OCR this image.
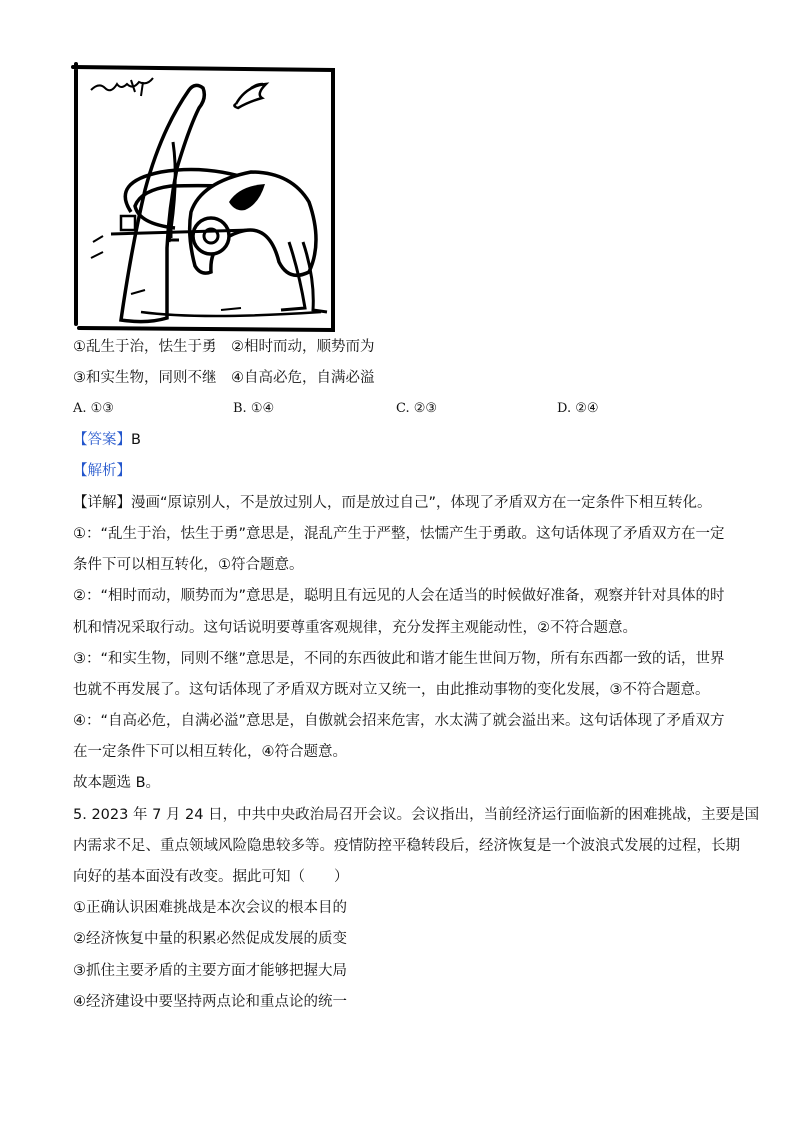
①乱生于治，怯生于勇　②相时而动，顺势而为
③和实生物，同则不继　④自高必危，自满必溢
A. ①③	B. ①④	C. ②③	D. ②④
【答案】B
【解析】
【详解】漫画“原谅别人，不是放过别人，而是放过自己”，体现了矛盾双方在一定条件下相互转化。
①：“乱生于治，怯生于勇”意思是，混乱产生于严整，怯懦产生于勇敢。这句话体现了矛盾双方在一定
条件下可以相互转化，①符合题意。
②：“相时而动，顺势而为”意思是，聪明且有远见的人会在适当的时候做好准备，观察并针对具体的时
机和情况采取行动。这句话说明要尊重客观规律，充分发挥主观能动性，②不符合题意。
③：“和实生物，同则不继”意思是，不同的东西彼此和谐才能生世间万物，所有东西都一致的话，世界
也就不再发展了。这句话体现了矛盾双方既对立又统一，由此推动事物的变化发展，③不符合题意。
④：“自高必危，自满必溢”意思是，自傲就会招来危害，水太满了就会溢出来。这句话体现了矛盾双方
在一定条件下可以相互转化，④符合题意。
故本题选 B。
5. 2023 年 7 月 24 日，中共中央政治局召开会议。会议指出，当前经济运行面临新的困难挑战，主要是国
内需求不足、重点领域风险隐患较多等。疫情防控平稳转段后，经济恢复是一个波浪式发展的过程，长期
向好的基本面没有改变。据此可知（　　）
①正确认识困难挑战是本次会议的根本目的
②经济恢复中量的积累必然促成发展的质变
③抓住主要矛盾的主要方面才能够把握大局
④经济建设中要坚持两点论和重点论的统一
